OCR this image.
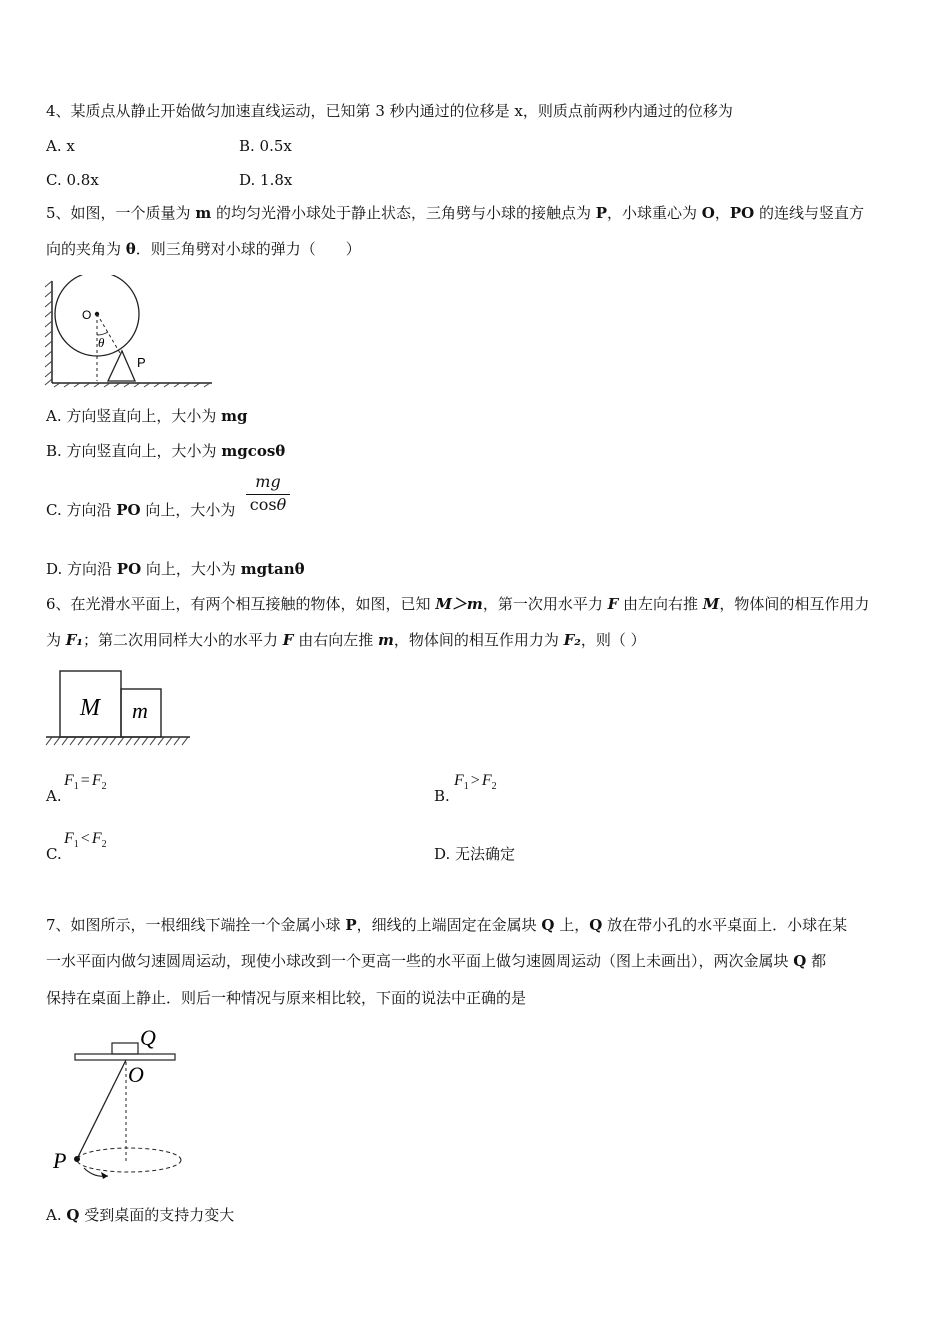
4、某质点从静止开始做匀加速直线运动，已知第 3 秒内通过的位移是 x，则质点前两秒内通过的位移为
A. x	B. 0.5x
C. 0.8x	D. 1.8x
5、如图，一个质量为 m 的均匀光滑小球处于静止状态，三角劈与小球的接触点为 P，小球重心为 O，PO 的连线与竖直方
向的夹角为 θ．则三角劈对小球的弹力（　　）
O
θ
P
A. 方向竖直向上，大小为 mg
B. 方向竖直向上，大小为 mgcosθ
C. 方向沿 PO 向上，大小为 $\frac{mg}{\cos\theta}$
D. 方向沿 PO 向上，大小为 mgtanθ
6、在光滑水平面上，有两个相互接触的物体，如图，已知 M＞m，第一次用水平力 F 由左向右推 M，物体间的相互作用力
为 F₁；第二次用同样大小的水平力 F 由右向左推 m，物体间的相互作用力为 F₂，则（ ）
M m
A.
$F_1 = F_2$
B.
$F_1 > F_2$
C.
$F_1 < F_2$
D. 无法确定
7、如图所示，一根细线下端拴一个金属小球 P，细线的上端固定在金属块 Q 上，Q 放在带小孔的水平桌面上．小球在某
一水平面内做匀速圆周运动，现使小球改到一个更高一些的水平面上做匀速圆周运动（图上未画出），两次金属块 Q 都
保持在桌面上静止．则后一种情况与原来相比较，下面的说法中正确的是
Q
O
P
A. Q 受到桌面的支持力变大
